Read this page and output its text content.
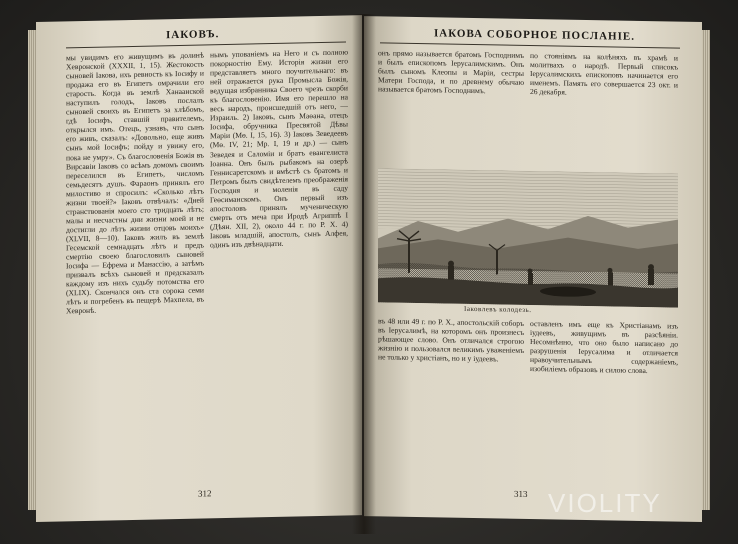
ІАКОВЪ.

мы увидимъ его живущимъ въ долинѣ Хевронской (XXXII, 1, 15). Жестокость сыновей Іакова, ихъ ревность къ Іосифу и продажа его въ Египетъ омрачили его старость. Когда въ землѣ Ханаанской наступилъ голодъ, Іаковъ послалъ сыновей своихъ въ Египетъ за хлѣбомъ, гдѣ Іосифъ, ставшій правителемъ, открылся имъ. Отецъ, узнавъ, что сынъ его живъ, сказалъ: «Довольно, еще живъ сынъ мой Іосифъ; пойду и увижу его, пока не умру». Съ благословенія Божія въ Вирсавіи Іаковъ со всѣмъ домомъ своимъ переселился въ Египетъ, числомъ семьдесятъ душъ. Фараонъ принялъ его милостиво и спросилъ: «Сколько лѣтъ жизни твоей?» Іаковъ отвѣчалъ: «Дней странствованія моего сто тридцать лѣтъ; малы и несчастны дни жизни моей и не достигли до лѣтъ жизни отцовъ моихъ» (XLVII, 8—10). Іаковъ жилъ въ землѣ Гесемской семнадцать лѣтъ и предъ смертію своею благословилъ сыновей Іосифа — Ефрема и Манассію, а затѣмъ призвалъ всѣхъ сыновей и предсказалъ каждому изъ нихъ судьбу потомства его (XLIX). Скончался онъ ста сорока семи лѣтъ и погребенъ въ пещерѣ Махпела, въ Хевронѣ.

нымъ упованіемъ на Него и съ полною покорностію Ему. Исторія жизни его представляетъ много поучительнаго: въ ней отражается рука Промысла Божія, ведущая избранника Своего чрезъ скорби къ благословенію. Имя его перешло на весь народъ, происшедшій отъ него, — Израиль. 2) Іаковъ, сынъ Маѳана, отецъ Іосифа, обручника Пресвятой Дѣвы Маріи (Мѳ. I, 15, 16). 3) Іаковъ Зеведеевъ (Мѳ. IV, 21; Мр. I, 19 и др.) — сынъ Зеведея и Саломіи и братъ евангелиста Іоанна. Онъ былъ рыбакомъ на озерѣ Геннисаретскомъ и вмѣстѣ съ братомъ и Петромъ былъ свидѣтелемъ преображенія Господня и моленія въ саду Геѳсиманскомъ. Онъ первый изъ апостоловъ принялъ мученическую смерть отъ меча при Иродѣ Агриппѣ I (Дѣян. XII, 2), около 44 г. по Р. Х. 4) Іаковъ младшій, апостолъ, сынъ Алфея, одинъ изъ двѣнадцати.

312
ІАКОВА СОБОРНОЕ ПОСЛАНІЕ.

онъ прямо называется братомъ Господнимъ и былъ епископомъ Іерусалимскимъ. Онъ былъ сыномъ Клеопы и Маріи, сестры Матери Господа, и по древнему обычаю называется братомъ Господнимъ.

по стояніямъ на колѣняхъ въ храмѣ и молитвахъ о народѣ. Первый списокъ Іерусалимскихъ епископовъ начинается его именемъ. Память его совершается 23 окт. и 26 декабря.

Іаковлевъ колодезь.

въ 48 или 49 г. по Р. Х., апостольскій соборъ въ Іерусалимѣ, на которомъ онъ произнесъ рѣшающее слово. Онъ отличался строгою жизнію и пользовался великимъ уваженіемъ не только у христіанъ, но и у іудеевъ.

оставленъ имъ еще къ Христіанамъ изъ іудеевъ, живущимъ въ разсѣяніи. Несомнѣнно, что оно было написано до разрушенія Іерусалима и отличается нравоучительнымъ содержаніемъ, изобиліемъ образовъ и силою слова.

313 VIOLITY
